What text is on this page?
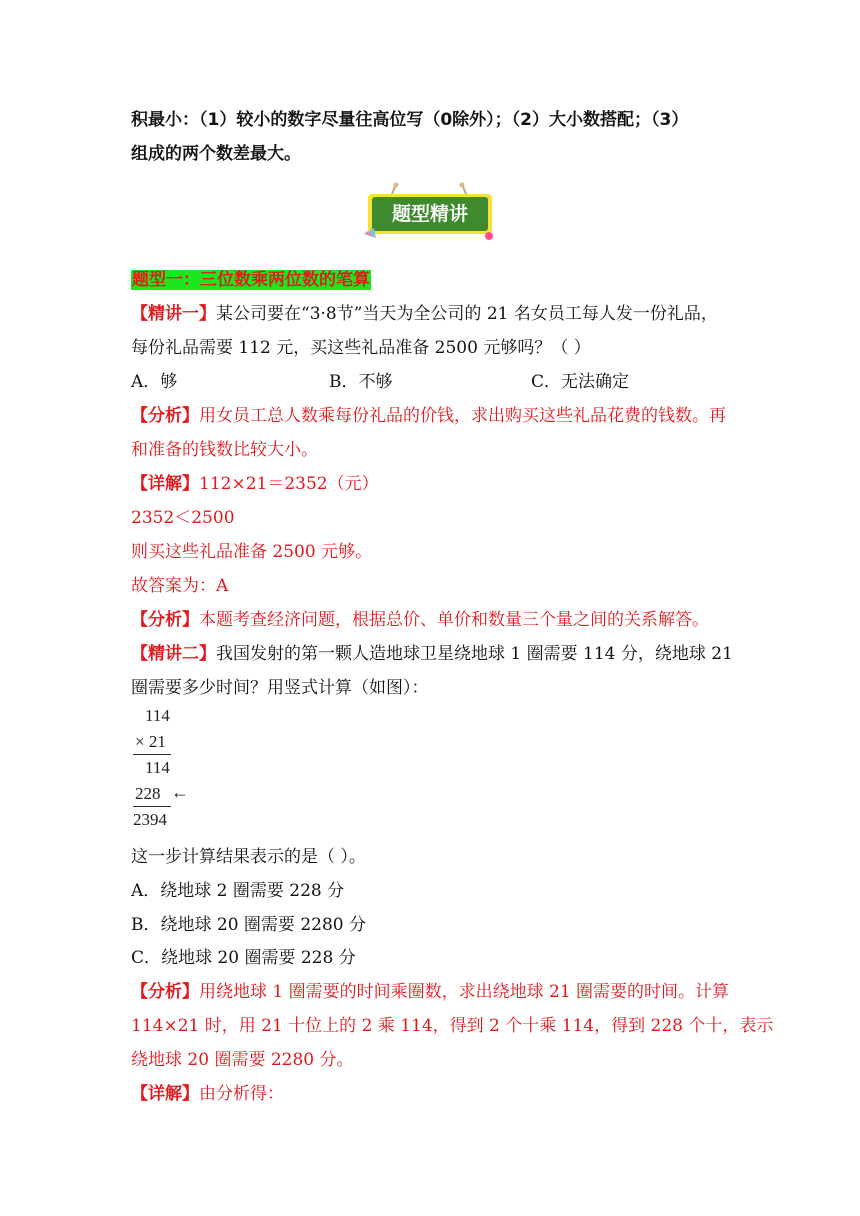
积最小：（1）较小的数字尽量往高位写（0除外）；（2）大小数搭配；（3）
组成的两个数差最大。
题型精讲
题型一：三位数乘两位数的笔算
【精讲一】某公司要在“3·8节”当天为全公司的 21 名女员工每人发一份礼品，
每份礼品需要 112 元，买这些礼品准备 2500 元够吗？（ ）
A．够	B．不够	C．无法确定
【分析】用女员工总人数乘每份礼品的价钱，求出购买这些礼品花费的钱数。再
和准备的钱数比较大小。
【详解】112×21＝2352（元）
2352＜2500
则买这些礼品准备 2500 元够。
故答案为：A
【分析】本题考查经济问题，根据总价、单价和数量三个量之间的关系解答。
【精讲二】我国发射的第一颗人造地球卫星绕地球 1 圈需要 114 分，绕地球 21
圈需要多少时间？用竖式计算（如图）：
114
× 21
114
228 ←
2394
这一步计算结果表示的是（ ）。
A．绕地球 2 圈需要 228 分
B．绕地球 20 圈需要 2280 分
C．绕地球 20 圈需要 228 分
【分析】用绕地球 1 圈需要的时间乘圈数，求出绕地球 21 圈需要的时间。计算
114×21 时，用 21 十位上的 2 乘 114，得到 2 个十乘 114，得到 228 个十，表示
绕地球 20 圈需要 2280 分。
【详解】由分析得：
